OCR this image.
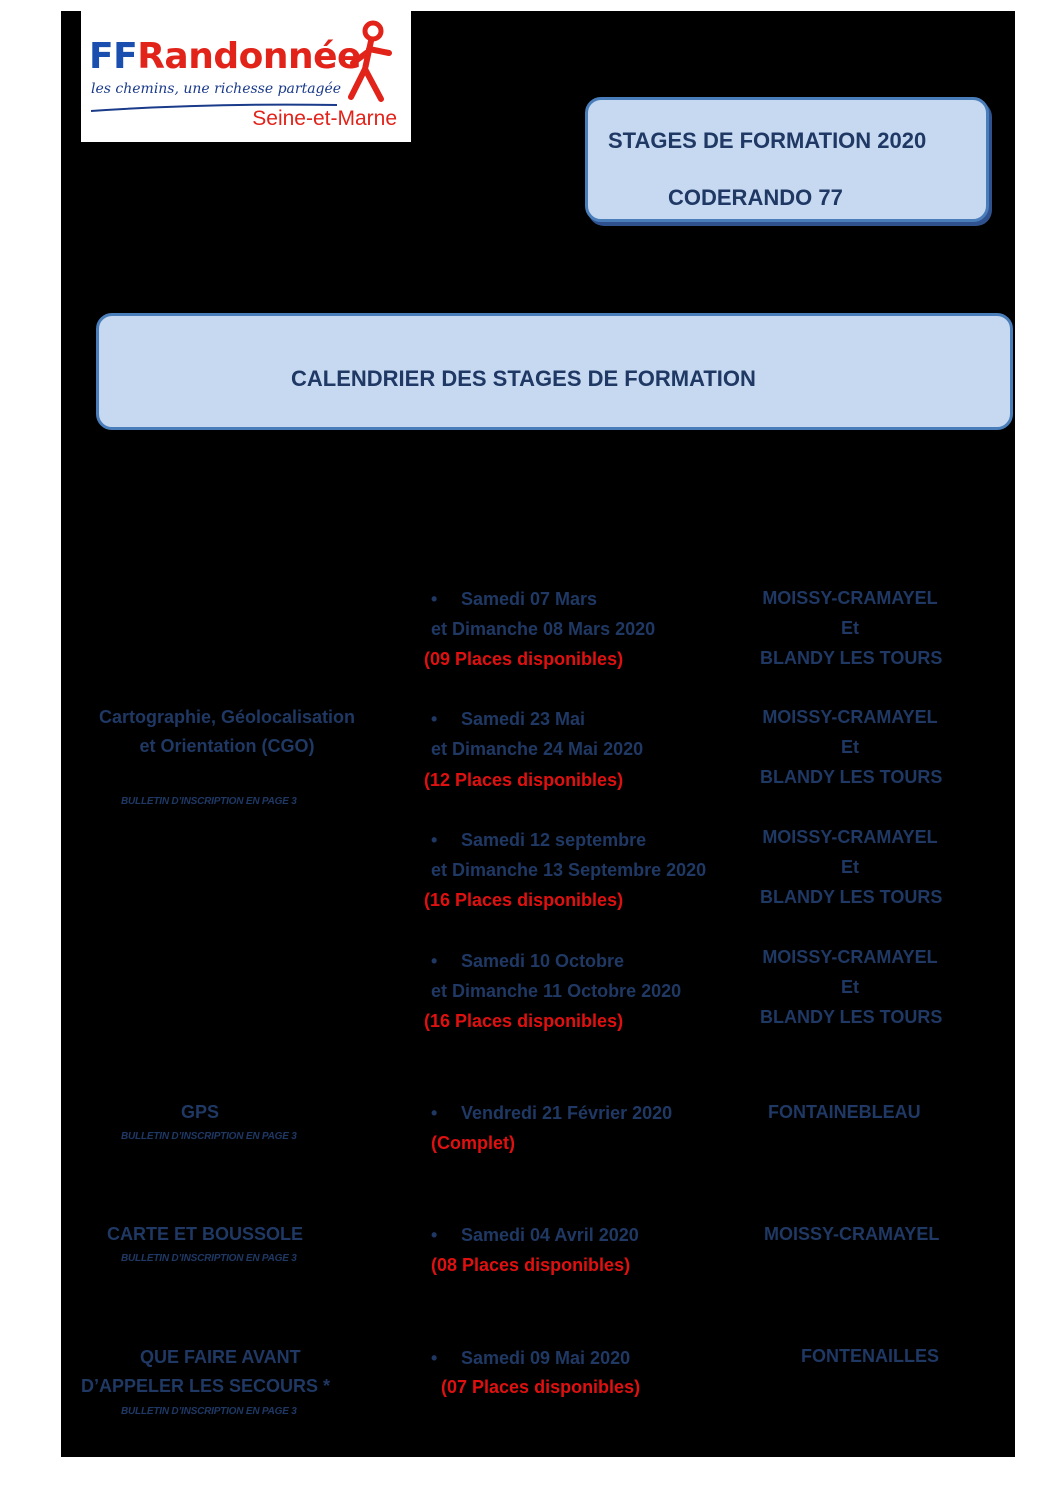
FFRandonnée
les chemins, une richesse partagée
Seine-et-Marne
STAGES DE FORMATION 2020
CODERANDO 77
CALENDRIER DES STAGES DE FORMATION
Cartographie, Géolocalisation
et Orientation (CGO)
BULLETIN D’INSCRIPTION EN PAGE 3
• Samedi 07 Mars
et Dimanche 08 Mars 2020
(09 Places disponibles)
MOISSY-CRAMAYEL
Et
BLANDY LES TOURS
• Samedi 23 Mai
et Dimanche 24 Mai 2020
(12 Places disponibles)
MOISSY-CRAMAYEL
Et
BLANDY LES TOURS
• Samedi 12 septembre
et Dimanche 13 Septembre 2020
(16 Places disponibles)
MOISSY-CRAMAYEL
Et
BLANDY LES TOURS
• Samedi 10 Octobre
et Dimanche 11 Octobre 2020
(16 Places disponibles)
MOISSY-CRAMAYEL
Et
BLANDY LES TOURS
GPS
BULLETIN D’INSCRIPTION EN PAGE 3
• Vendredi 21 Février 2020
(Complet)
FONTAINEBLEAU
CARTE ET BOUSSOLE
BULLETIN D’INSCRIPTION EN PAGE 3
• Samedi 04 Avril 2020
(08 Places disponibles)
MOISSY-CRAMAYEL
QUE FAIRE AVANT
D’APPELER LES SECOURS *
BULLETIN D’INSCRIPTION EN PAGE 3
• Samedi 09 Mai 2020
(07 Places disponibles)
FONTENAILLES
